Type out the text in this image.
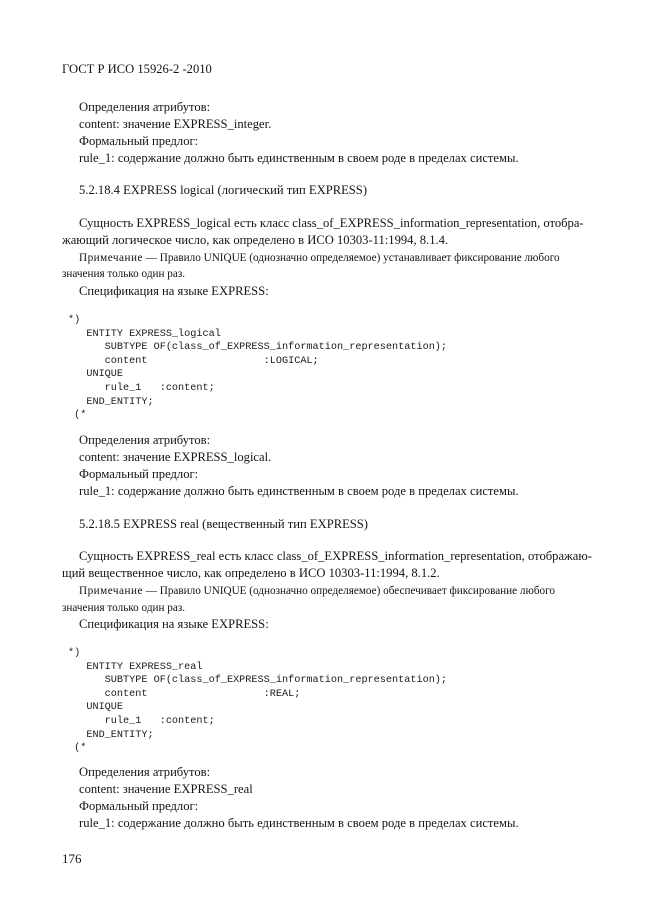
ГОСТ Р ИСО 15926-2 -2010
Определения атрибутов:
content: значение EXPRESS_integer.
Формальный предлог:
rule_1: содержание должно быть единственным в своем роде в пределах системы.
5.2.18.4 EXPRESS logical (логический тип EXPRESS)
Сущность EXPRESS_logical есть класс class_of_EXPRESS_information_representation, отобра-
жающий логическое число, как определено в ИСО 10303-11:1994, 8.1.4.
Примечание — Правило UNIQUE (однозначно определяемое) устанавливает фиксирование любого
значения только один раз.
Спецификация на языке EXPRESS:
*)
ENTITY EXPRESS_logical
SUBTYPE OF(class_of_EXPRESS_information_representation);
content                   :LOGICAL;
UNIQUE
rule_1   :content;
END_ENTITY;
(*
Определения атрибутов:
content: значение EXPRESS_logical.
Формальный предлог:
rule_1: содержание должно быть единственным в своем роде в пределах системы.
5.2.18.5 EXPRESS real (вещественный тип EXPRESS)
Сущность EXPRESS_real есть класс class_of_EXPRESS_information_representation, отображаю-
щий вещественное число, как определено в ИСО 10303-11:1994, 8.1.2.
Примечание — Правило UNIQUE (однозначно определяемое) обеспечивает фиксирование любого
значения только один раз.
Спецификация на языке EXPRESS:
*)
ENTITY EXPRESS_real
SUBTYPE OF(class_of_EXPRESS_information_representation);
content                   :REAL;
UNIQUE
rule_1   :content;
END_ENTITY;
(*
Определения атрибутов:
content: значение EXPRESS_real
Формальный предлог:
rule_1: содержание должно быть единственным в своем роде в пределах системы.
176
